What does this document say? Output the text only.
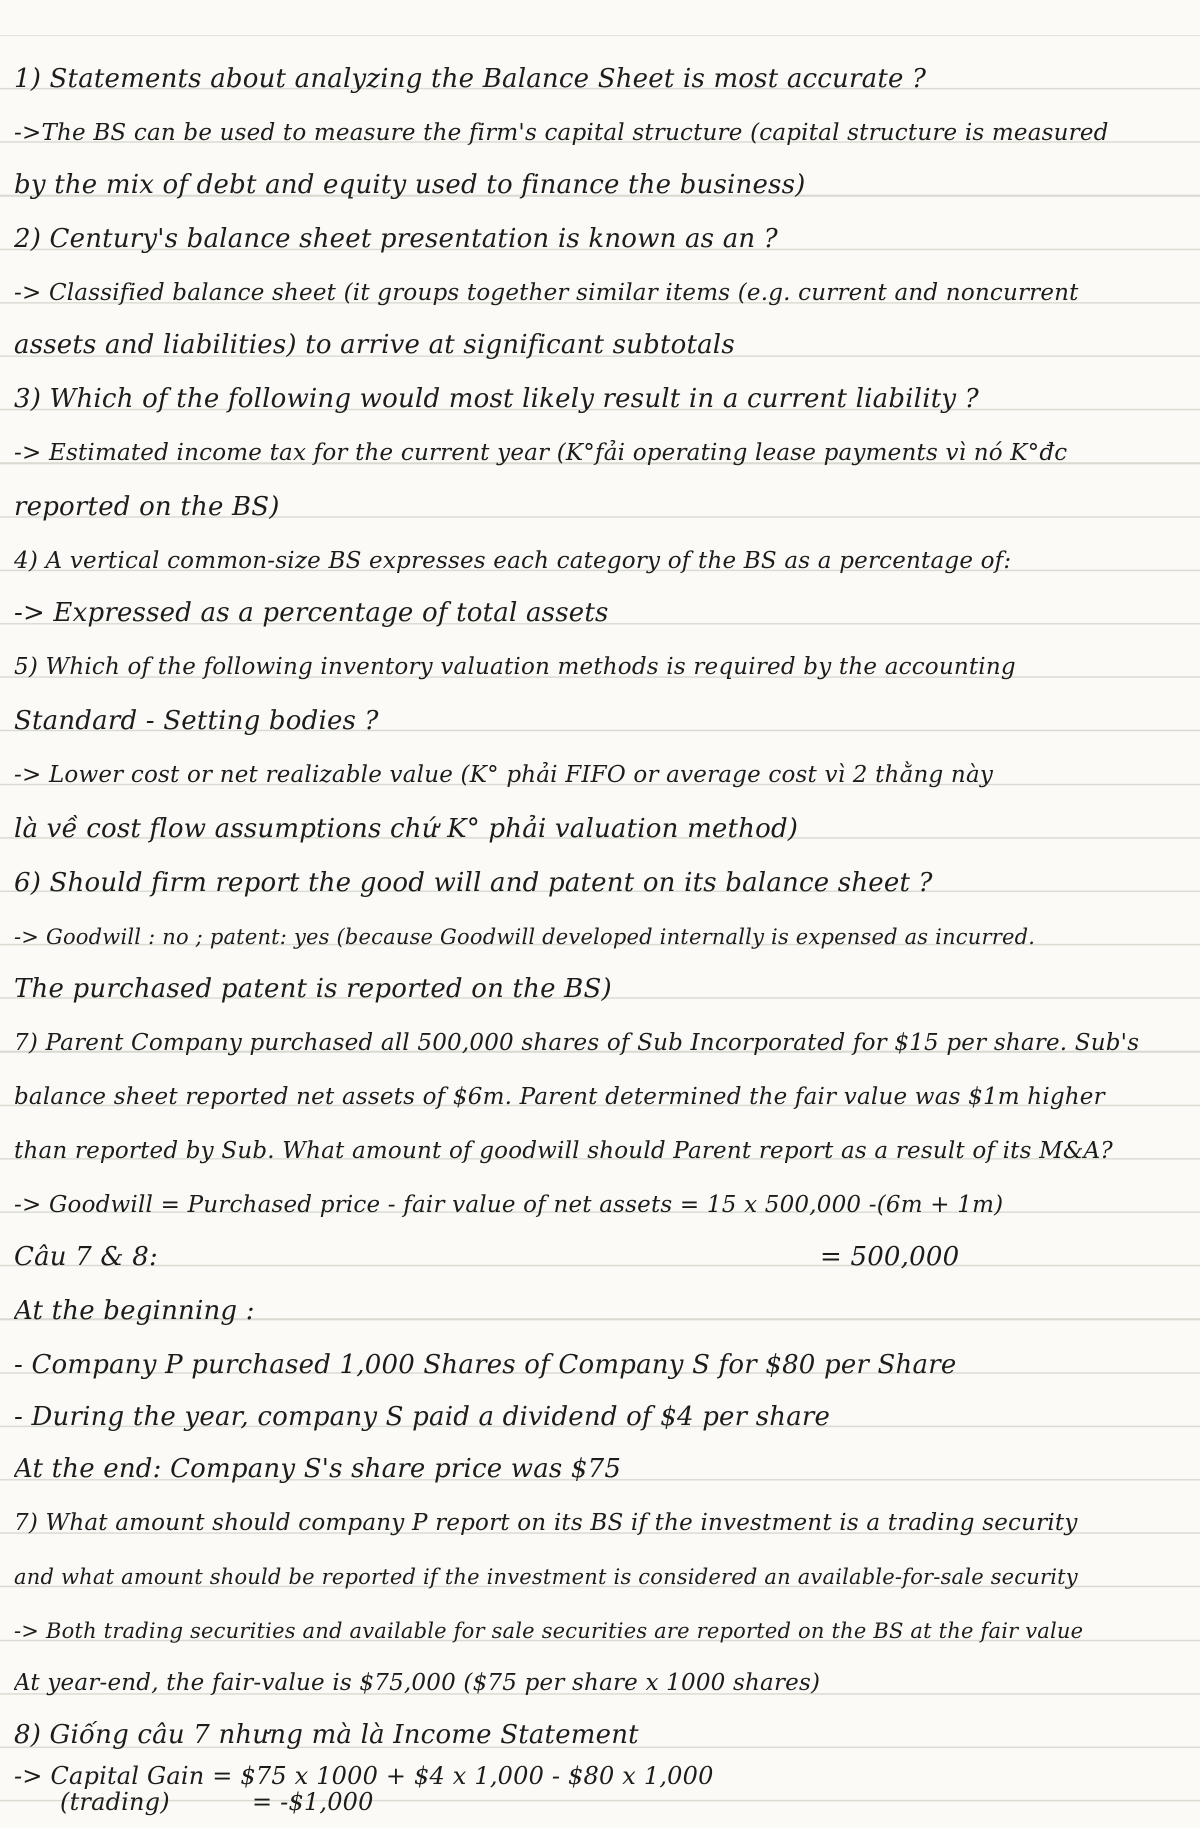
1) Statements about analyzing the Balance Sheet is most accurate ?
->The BS can be used to measure the firm's capital structure (capital structure is measured
by the mix of debt and equity used to finance the business)
2) Century's balance sheet presentation is known as an ?
-> Classified balance sheet (it groups together similar items (e.g. current and noncurrent
assets and liabilities) to arrive at significant subtotals
3) Which of the following would most likely result in a current liability ?
-> Estimated income tax for the current year (K°fải operating lease payments vì nó K°đc
reported on the BS)
4) A vertical common-size BS expresses each category of the BS as a percentage of:
-> Expressed as a percentage of total assets
5) Which of the following inventory valuation methods is required by the accounting
Standard - Setting bodies ?
-> Lower cost or net realizable value (K° phải FIFO or average cost vì 2 thằng này
là về cost flow assumptions chứ K° phải valuation method)
6) Should firm report the good will and patent on its balance sheet ?
-> Goodwill : no ; patent: yes (because Goodwill developed internally is expensed as incurred.
The purchased patent is reported on the BS)
7) Parent Company purchased all 500,000 shares of Sub Incorporated for $15 per share. Sub's
balance sheet reported net assets of $6m. Parent determined the fair value was $1m higher
than reported by Sub. What amount of goodwill should Parent report as a result of its M&A?
-> Goodwill = Purchased price - fair value of net assets = 15 x 500,000 -(6m + 1m)
Câu 7 & 8:	= 500,000
At the beginning :
- Company P purchased 1,000 Shares of Company S for $80 per Share
- During the year, company S paid a dividend of $4 per share
At the end: Company S's share price was $75
7) What amount should company P report on its BS if the investment is a trading security
and what amount should be reported if the investment is considered an available-for-sale security
-> Both trading securities and available for sale securities are reported on the BS at the fair value
At year-end, the fair-value is $75,000 ($75 per share x 1000 shares)
8) Giống câu 7 nhưng mà là Income Statement
-> Capital Gain = $75 x 1000 + $4 x 1,000 - $80 x 1,000
(trading)	= -$1,000
